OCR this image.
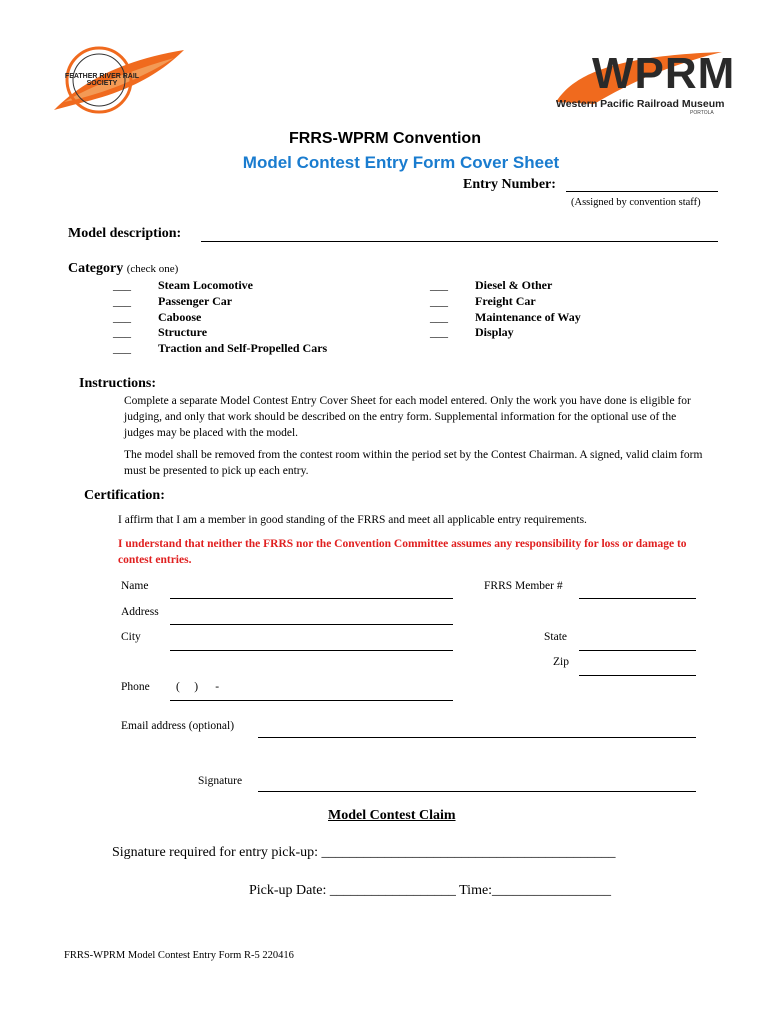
FEATHER RIVER RAIL SOCIETY	WPRM
Western Pacific Railroad Museum
PORTOLA
FRRS-WPRM Convention
Model Contest Entry Form Cover Sheet
Entry Number:
(Assigned by convention staff)
Model description:
Category (check one)
___ Steam Locomotive
___ Passenger Car
___ Caboose
___ Structure
___ Traction and Self-Propelled Cars
___ Diesel & Other
___ Freight Car
___ Maintenance of Way
___ Display
Instructions:
Complete a separate Model Contest Entry Cover Sheet for each model entered. Only the work you have done is eligible for judging, and only that work should be described on the entry form. Supplemental information for the optional use of the judges may be placed with the model.
The model shall be removed from the contest room within the period set by the Contest Chairman. A signed, valid claim form must be presented to pick up each entry.
Certification:
I affirm that I am a member in good standing of the FRRS and meet all applicable entry requirements.
I understand that neither the FRRS nor the Convention Committee assumes any responsibility for loss or damage to contest entries.
Name	FRRS Member #
Address
City	State
Zip
Phone (     )      -
Email address (optional)
Signature
Model Contest Claim
Signature required for entry pick-up: __________________________________________
Pick-up Date: __________________ Time:_________________
FRRS-WPRM Model Contest Entry Form R-5 220416
